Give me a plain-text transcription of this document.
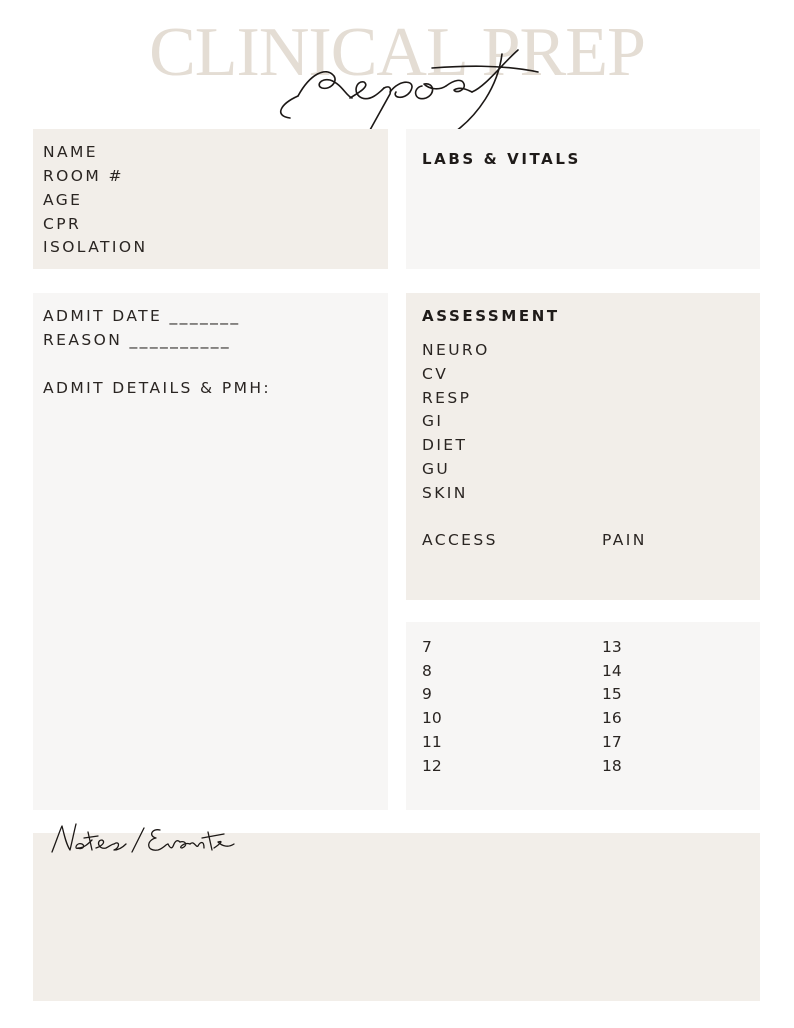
CLINICAL PREP
NAME
ROOM #
AGE
CPR
ISOLATION
LABS & VITALS
ADMIT DATE _______
REASON __________
ADMIT DETAILS & PMH:
ASSESSMENT
NEURO
CV
RESP
GI
DIET
GU
SKIN
ACCESS	PAIN
7
8
9
10
11
12
13
14
15
16
17
18
